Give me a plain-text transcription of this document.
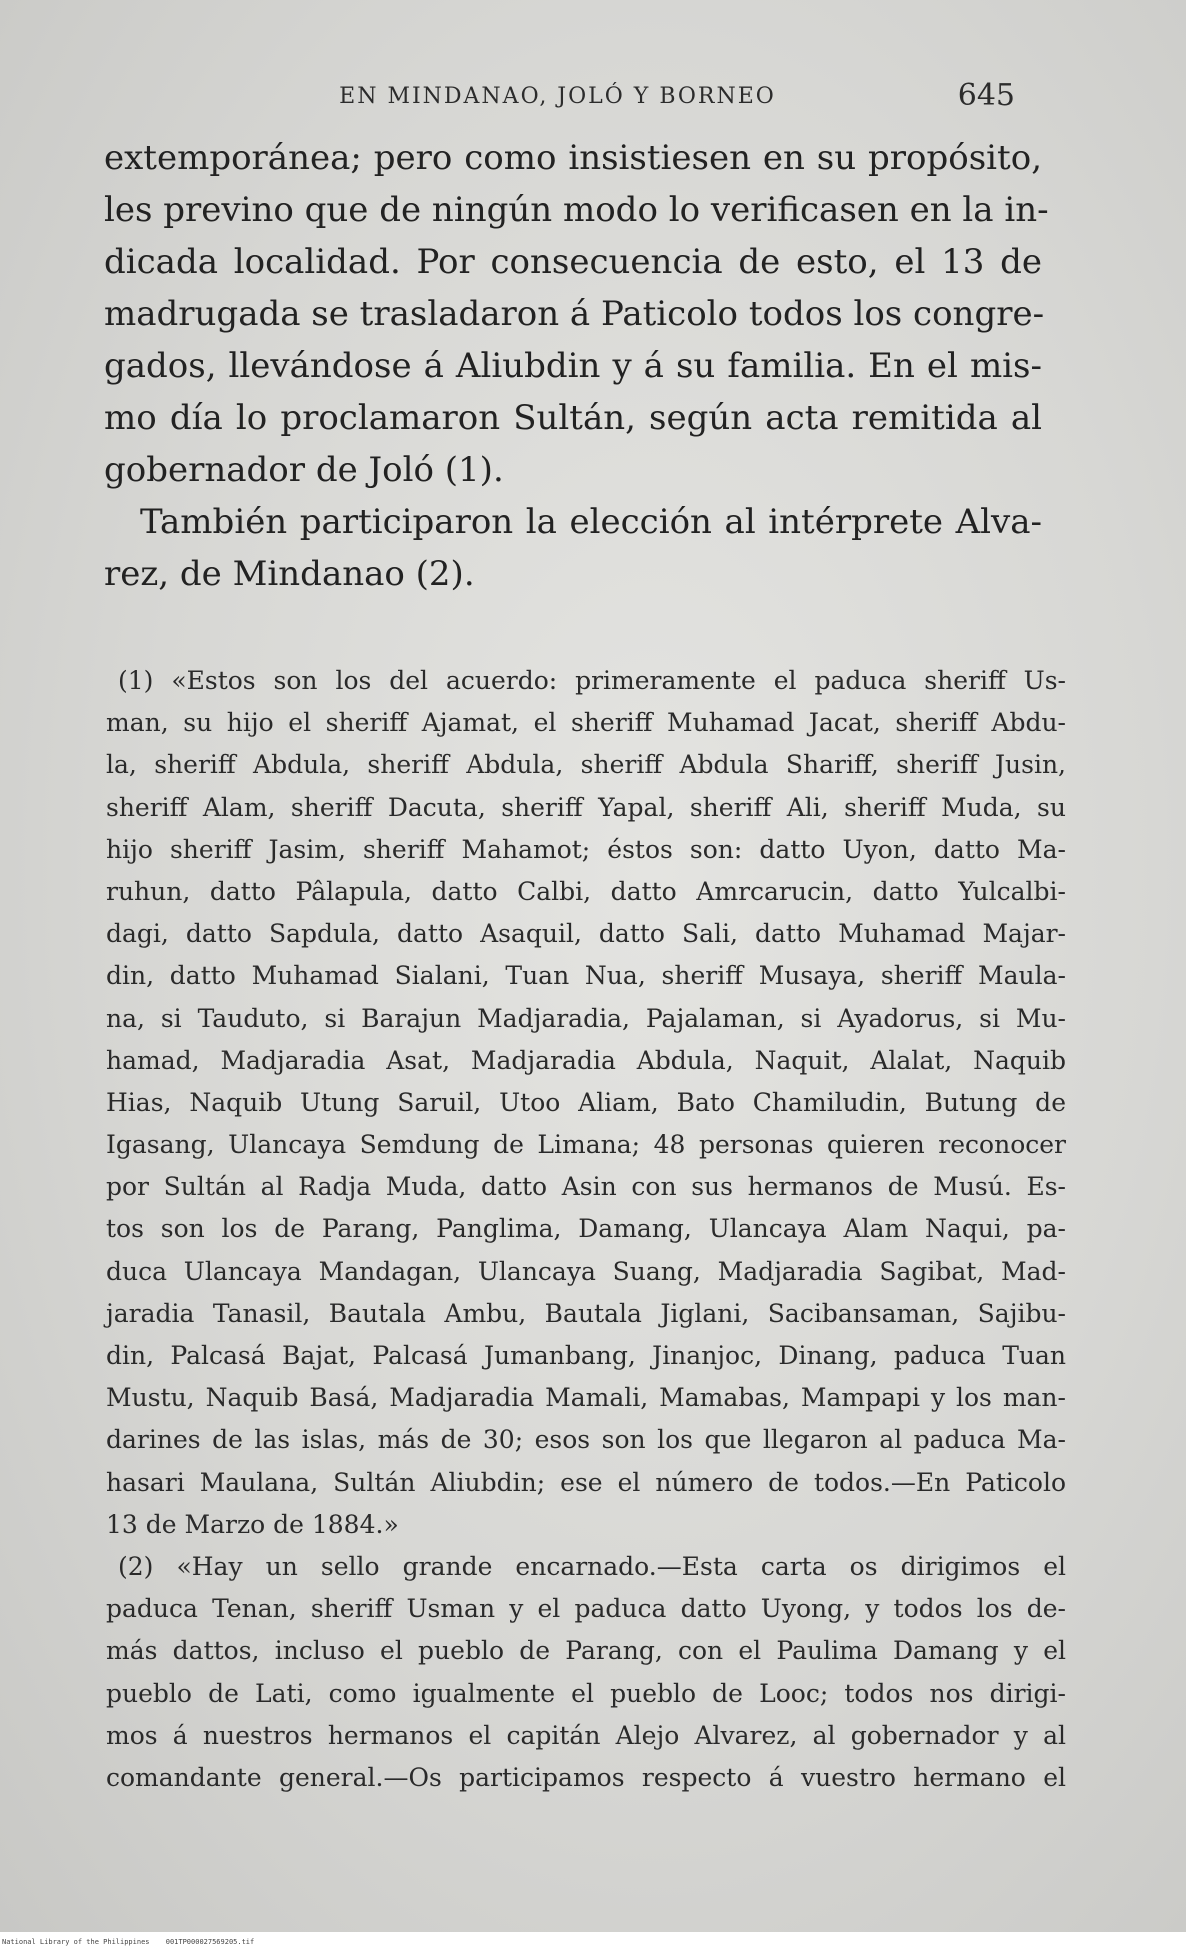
EN MINDANAO, JOLÓ Y BORNEO	645
extemporánea; pero como insistiesen en su propósito,
les previno que de ningún modo lo verificasen en la in-
dicada localidad. Por consecuencia de esto, el 13 de
madrugada se trasladaron á Paticolo todos los congre-
gados, llevándose á Aliubdin y á su familia. En el mis-
mo día lo proclamaron Sultán, según acta remitida al
gobernador de Joló (1).
También participaron la elección al intérprete Alva-
rez, de Mindanao (2).
(1) «Estos son los del acuerdo: primeramente el paduca sheriff Us-
man, su hijo el sheriff Ajamat, el sheriff Muhamad Jacat, sheriff Abdu-
la, sheriff Abdula, sheriff Abdula, sheriff Abdula Shariff, sheriff Jusin,
sheriff Alam, sheriff Dacuta, sheriff Yapal, sheriff Ali, sheriff Muda, su
hijo sheriff Jasim, sheriff Mahamot; éstos son: datto Uyon, datto Ma-
ruhun, datto Pâlapula, datto Calbi, datto Amrcarucin, datto Yulcalbi-
dagi, datto Sapdula, datto Asaquil, datto Sali, datto Muhamad Majar-
din, datto Muhamad Sialani, Tuan Nua, sheriff Musaya, sheriff Maula-
na, si Tauduto, si Barajun Madjaradia, Pajalaman, si Ayadorus, si Mu-
hamad, Madjaradia Asat, Madjaradia Abdula, Naquit, Alalat, Naquib
Hias, Naquib Utung Saruil, Utoo Aliam, Bato Chamiludin, Butung de
Igasang, Ulancaya Semdung de Limana; 48 personas quieren reconocer
por Sultán al Radja Muda, datto Asin con sus hermanos de Musú. Es-
tos son los de Parang, Panglima, Damang, Ulancaya Alam Naqui, pa-
duca Ulancaya Mandagan, Ulancaya Suang, Madjaradia Sagibat, Mad-
jaradia Tanasil, Bautala Ambu, Bautala Jiglani, Sacibansaman, Sajibu-
din, Palcasá Bajat, Palcasá Jumanbang, Jinanjoc, Dinang, paduca Tuan
Mustu, Naquib Basá, Madjaradia Mamali, Mamabas, Mampapi y los man-
darines de las islas, más de 30; esos son los que llegaron al paduca Ma-
hasari Maulana, Sultán Aliubdin; ese el número de todos.—En Paticolo
13 de Marzo de 1884.»
(2) «Hay un sello grande encarnado.—Esta carta os dirigimos el
paduca Tenan, sheriff Usman y el paduca datto Uyong, y todos los de-
más dattos, incluso el pueblo de Parang, con el Paulima Damang y el
pueblo de Lati, como igualmente el pueblo de Looc; todos nos dirigi-
mos á nuestros hermanos el capitán Alejo Alvarez, al gobernador y al
comandante general.—Os participamos respecto á vuestro hermano el
National Library of the Philippines 001TP000027569205.tif
